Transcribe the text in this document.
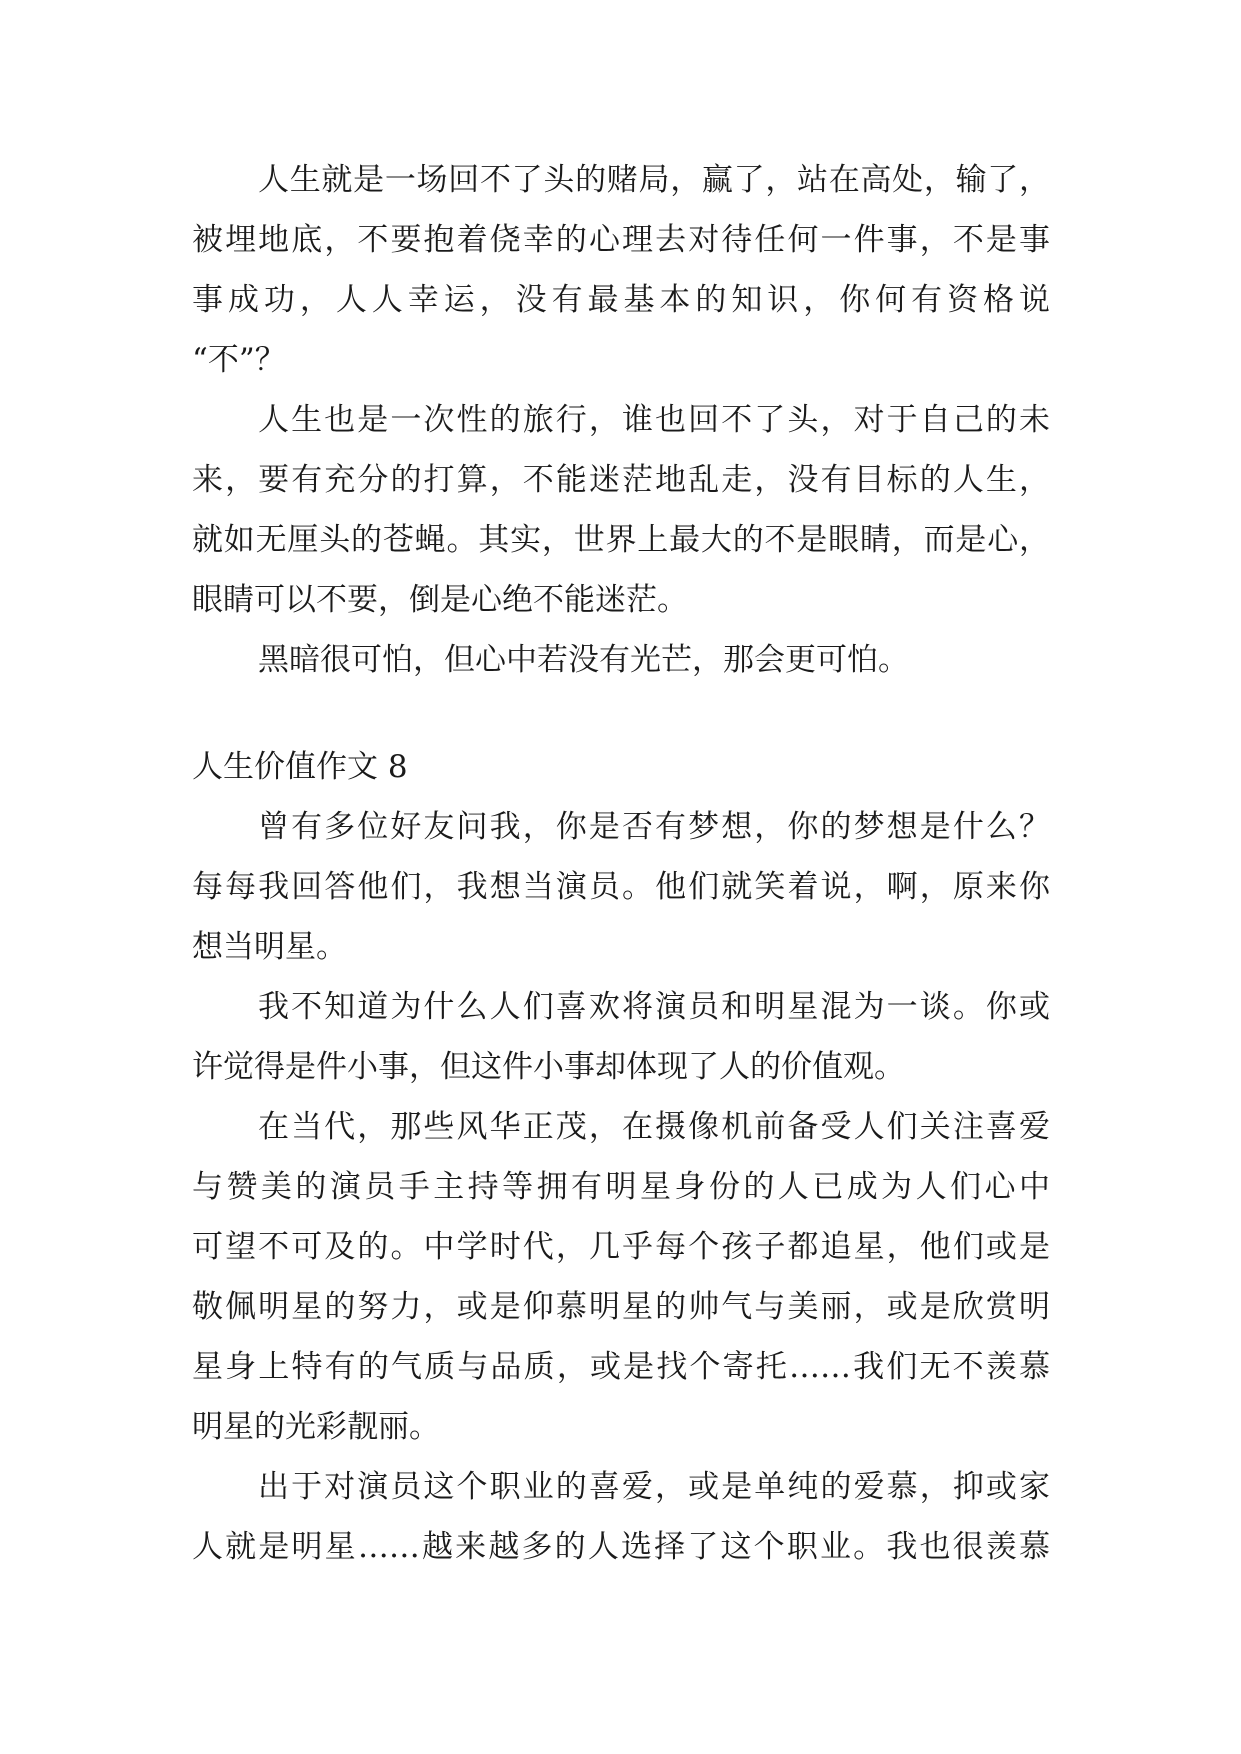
人生就是一场回不了头的赌局，赢了，站在高处，输了，
被埋地底，不要抱着侥幸的心理去对待任何一件事，不是事
事成功，人人幸运，没有最基本的知识，你何有资格说
“不”？
人生也是一次性的旅行，谁也回不了头，对于自己的未
来，要有充分的打算，不能迷茫地乱走，没有目标的人生，
就如无厘头的苍蝇。其实，世界上最大的不是眼睛，而是心，
眼睛可以不要，倒是心绝不能迷茫。
黑暗很可怕，但心中若没有光芒，那会更可怕。
人生价值作文 8
曾有多位好友问我，你是否有梦想，你的梦想是什么？
每每我回答他们，我想当演员。他们就笑着说，啊，原来你
想当明星。
我不知道为什么人们喜欢将演员和明星混为一谈。你或
许觉得是件小事，但这件小事却体现了人的价值观。
在当代，那些风华正茂，在摄像机前备受人们关注喜爱
与赞美的演员手主持等拥有明星身份的人已成为人们心中
可望不可及的。中学时代，几乎每个孩子都追星，他们或是
敬佩明星的努力，或是仰慕明星的帅气与美丽，或是欣赏明
星身上特有的气质与品质，或是找个寄托……我们无不羡慕
明星的光彩靓丽。
出于对演员这个职业的喜爱，或是单纯的爱慕，抑或家
人就是明星……越来越多的人选择了这个职业。我也很羡慕
